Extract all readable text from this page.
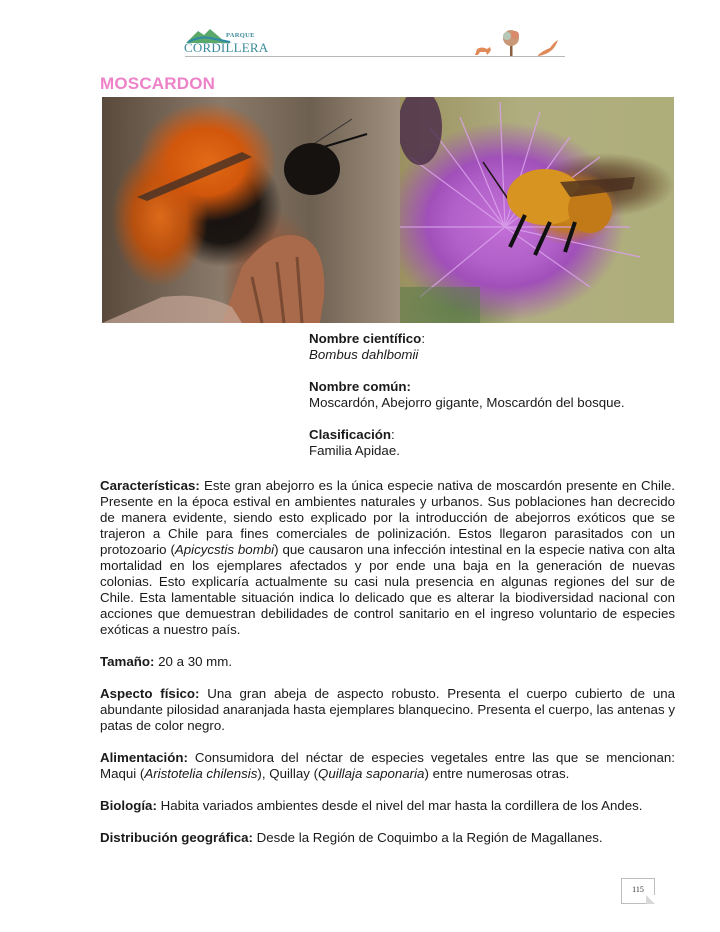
PARQUE
CORDILLERA
MOSCARDON
Nombre científico:
Bombus dahlbomii
Nombre común:
Moscardón, Abejorro gigante, Moscardón del bosque.
Clasificación:
Familia Apidae.

Características: Este gran abejorro es la única especie nativa de moscardón presente en Chile. Presente en la época estival en ambientes naturales y urbanos. Sus poblaciones han decrecido de manera evidente, siendo esto explicado por la introducción de abejorros exóticos que se trajeron a Chile para fines comerciales de polinización. Estos llegaron parasitados con un protozoario (Apicycstis bombi) que causaron una infección intestinal en la especie nativa con alta mortalidad en los ejemplares afectados y por ende una baja en la generación de nuevas colonias. Esto explicaría actualmente su casi nula presencia en algunas regiones del sur de Chile. Esta lamentable situación indica lo delicado que es alterar la biodiversidad nacional con acciones que demuestran debilidades de control sanitario en el ingreso voluntario de especies exóticas a nuestro país.

Tamaño: 20 a 30 mm.

Aspecto físico: Una gran abeja de aspecto robusto. Presenta el cuerpo cubierto de una abundante pilosidad anaranjada hasta ejemplares blanquecino. Presenta el cuerpo, las antenas y patas de color negro.

Alimentación: Consumidora del néctar de especies vegetales entre las que se mencionan: Maqui (Aristotelia chilensis), Quillay (Quillaja saponaria) entre numerosas otras.

Biología: Habita variados ambientes desde el nivel del mar hasta la cordillera de los Andes.

Distribución geográfica: Desde la Región de Coquimbo a la Región de Magallanes.

115
